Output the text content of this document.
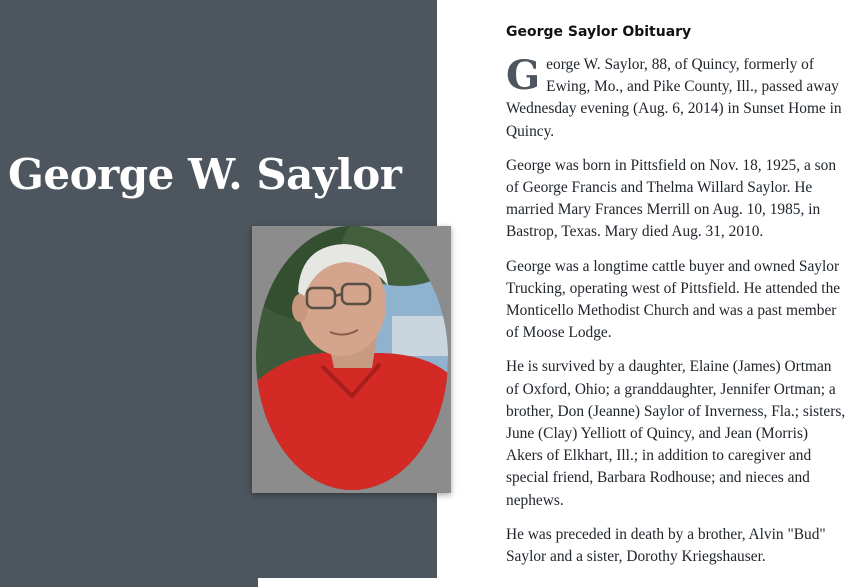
George W. Saylor
George Saylor Obituary

George W. Saylor, 88, of Quincy, formerly of Ewing, Mo., and Pike County, Ill., passed away Wednesday evening (Aug. 6, 2014) in Sunset Home in Quincy.

George was born in Pittsfield on Nov. 18, 1925, a son of George Francis and Thelma Willard Saylor. He married Mary Frances Merrill on Aug. 10, 1985, in Bastrop, Texas. Mary died Aug. 31, 2010.

George was a longtime cattle buyer and owned Saylor Trucking, operating west of Pittsfield. He attended the Monticello Methodist Church and was a past member of Moose Lodge.

He is survived by a daughter, Elaine (James) Ortman of Oxford, Ohio; a granddaughter, Jennifer Ortman; a brother, Don (Jeanne) Saylor of Inverness, Fla.; sisters, June (Clay) Yelliott of Quincy, and Jean (Morris) Akers of Elkhart, Ill.; in addition to caregiver and special friend, Barbara Rodhouse; and nieces and nephews.

He was preceded in death by a brother, Alvin "Bud" Saylor and a sister, Dorothy Kriegshauser.
